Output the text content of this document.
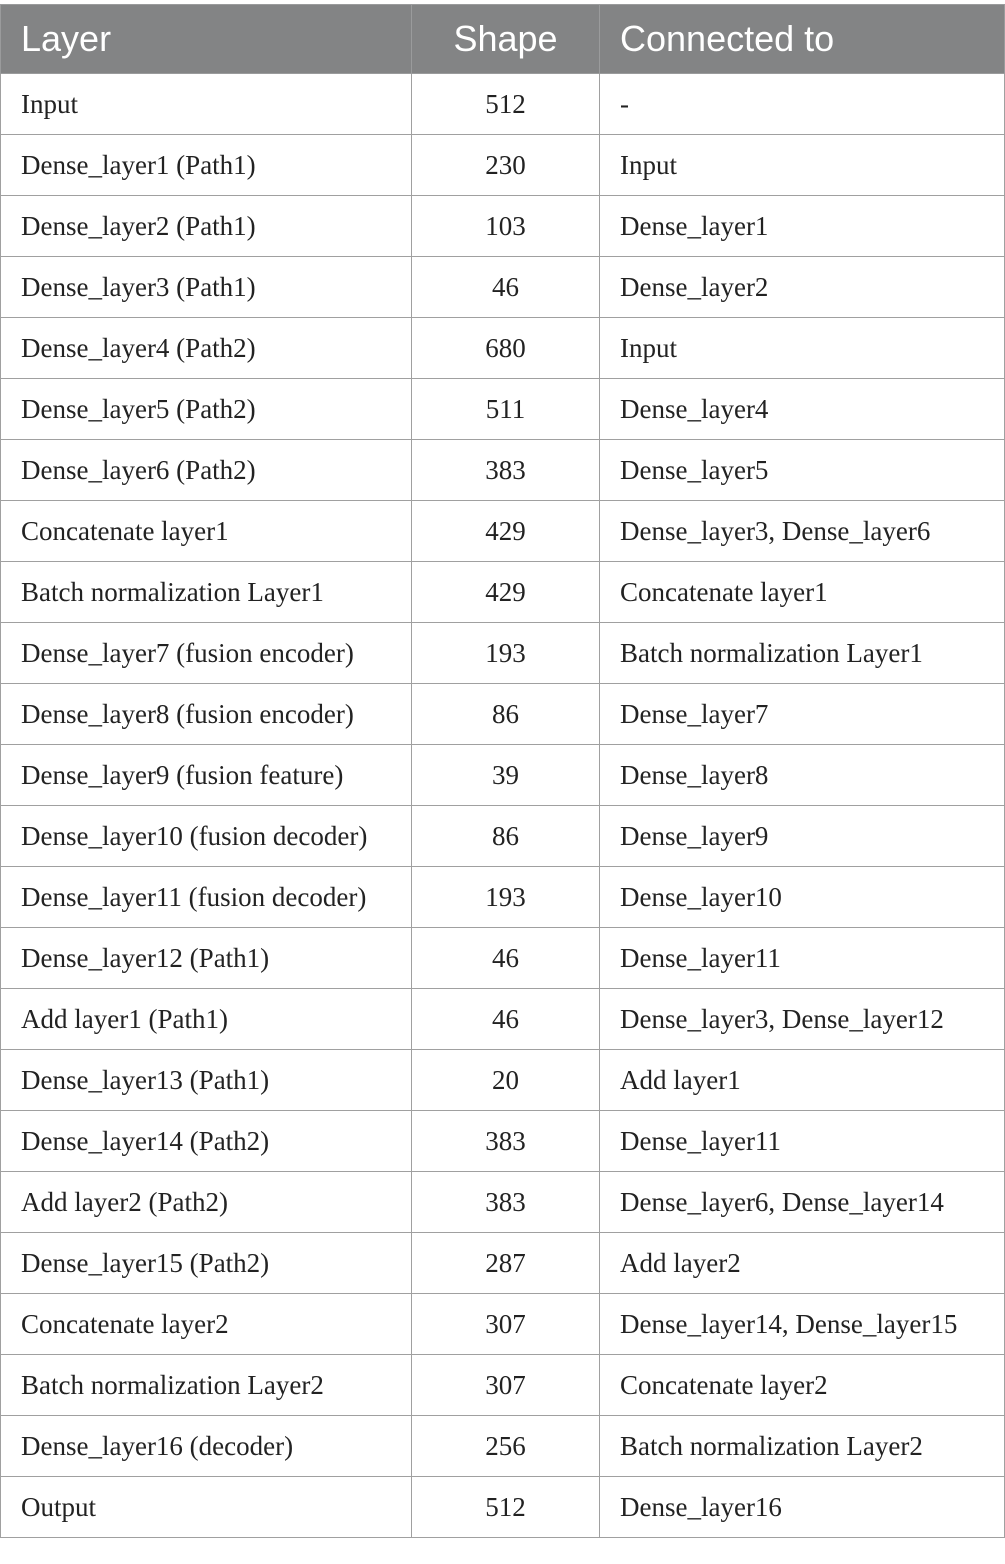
Layer	Shape	Connected to
Input	512	-
Dense_layer1 (Path1)	230	Input
Dense_layer2 (Path1)	103	Dense_layer1
Dense_layer3 (Path1)	46	Dense_layer2
Dense_layer4 (Path2)	680	Input
Dense_layer5 (Path2)	511	Dense_layer4
Dense_layer6 (Path2)	383	Dense_layer5
Concatenate layer1	429	Dense_layer3, Dense_layer6
Batch normalization Layer1	429	Concatenate layer1
Dense_layer7 (fusion encoder)	193	Batch normalization Layer1
Dense_layer8 (fusion encoder)	86	Dense_layer7
Dense_layer9 (fusion feature)	39	Dense_layer8
Dense_layer10 (fusion decoder)	86	Dense_layer9
Dense_layer11 (fusion decoder)	193	Dense_layer10
Dense_layer12 (Path1)	46	Dense_layer11
Add layer1 (Path1)	46	Dense_layer3, Dense_layer12
Dense_layer13 (Path1)	20	Add layer1
Dense_layer14 (Path2)	383	Dense_layer11
Add layer2 (Path2)	383	Dense_layer6, Dense_layer14
Dense_layer15 (Path2)	287	Add layer2
Concatenate layer2	307	Dense_layer14, Dense_layer15
Batch normalization Layer2	307	Concatenate layer2
Dense_layer16 (decoder)	256	Batch normalization Layer2
Output	512	Dense_layer16
